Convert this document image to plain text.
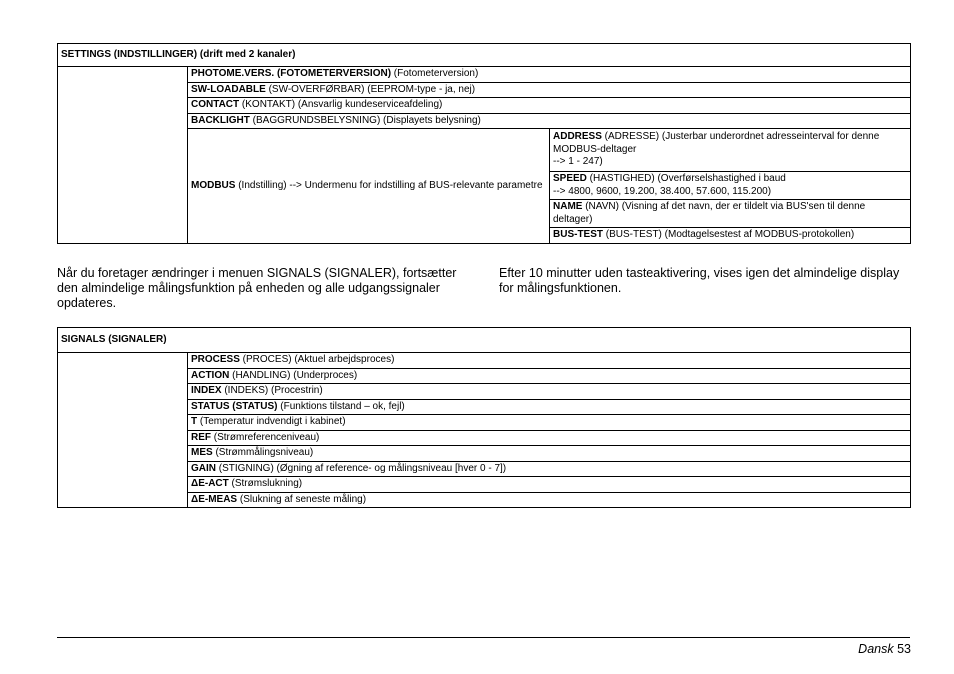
SETTINGS (INDSTILLINGER) (drift med 2 kanaler)		
	PHOTOME.VERS. (FOTOMETERVERSION) (Fotometerversion)	
	SW-LOADABLE (SW-OVERFØRBAR) (EEPROM-type - ja, nej)	
	CONTACT (KONTAKT) (Ansvarlig kundeserviceafdeling)	
	BACKLIGHT (BAGGRUNDSBELYSNING) (Displayets belysning)	
	MODBUS (Indstilling) --> Undermenu for indstilling af BUS-relevante parametre	ADDRESS (ADRESSE) (Justerbar underordnet adresseinterval for denne MODBUS-deltager
--> 1 - 247)
		SPEED (HASTIGHED) (Overførselshastighed i baud
--> 4800, 9600, 19.200, 38.400, 57.600, 115.200)
		NAME (NAVN) (Visning af det navn, der er tildelt via BUS'sen til denne deltager)
		BUS-TEST (BUS-TEST) (Modtagelsestest af MODBUS-protokollen)

Når du foretager ændringer i menuen SIGNALS (SIGNALER), fortsætter den almindelige målingsfunktion på enheden og alle udgangssignaler opdateres.
Efter 10 minutter uden tasteaktivering, vises igen det almindelige display for målingsfunktionen.
SIGNALS (SIGNALER)
	PROCESS (PROCES) (Aktuel arbejdsproces)
ACTION (HANDLING) (Underproces)
INDEX (INDEKS) (Procestrin)
STATUS (STATUS) (Funktions tilstand – ok, fejl)
T (Temperatur indvendigt i kabinet)
REF (Strømreferenceniveau)
MES (Strømmålingsniveau)
GAIN (STIGNING) (Øgning af reference- og målingsniveau [hver 0 - 7])
ΔE-ACT (Strømslukning)
ΔE-MEAS (Slukning af seneste måling)
Dansk 53
